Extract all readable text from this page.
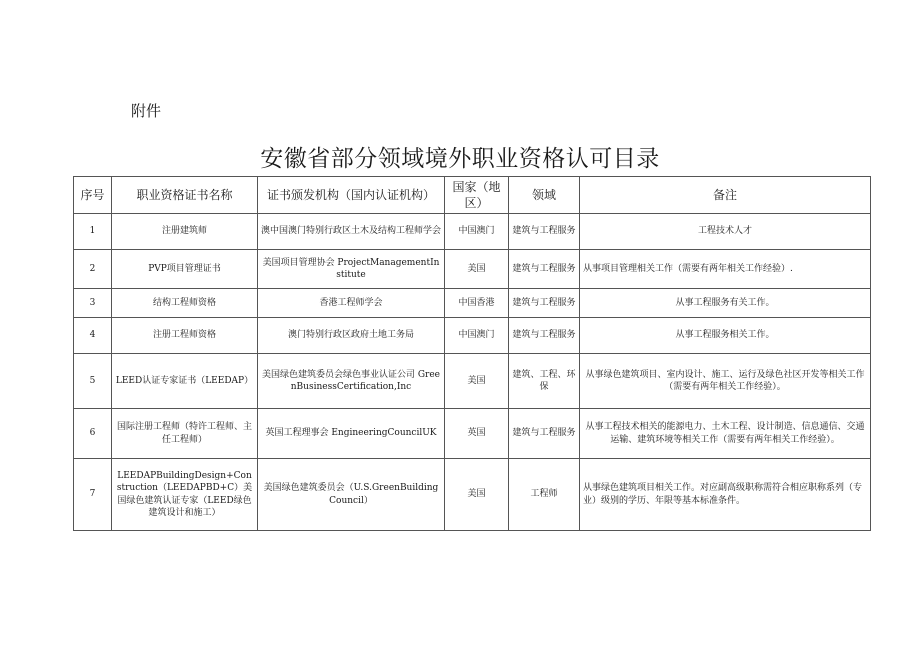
附件
安徽省部分领域境外职业资格认可目录
序号	职业资格证书名称	证书颁发机构（国内认证机构）	国家（地区）	领域	备注
1	注册建筑师	澳中国澳门特别行政区土木及结构工程师学会	中国澳门	建筑与工程服务	工程技术人才
2	PVP项目管理证书	美国项目管理协会 ProjectManagementInstitute	美国	建筑与工程服务	从事项目管理相关工作（需要有两年相关工作经验）.
3	结构工程师资格	香港工程师学会	中国香港	建筑与工程服务	从事工程服务有关工作。
4	注册工程师资格	澳门特别行政区政府土地工务局	中国澳门	建筑与工程服务	从事工程服务相关工作。
5	LEED认证专家证书（LEEDAP）	美国绿色建筑委员会绿色事业认证公司 GreenBusinessCertification,Inc	美国	建筑、工程、环保	从事绿色建筑项目、室内设计、施工、运行及绿色社区开发等相关工作（需要有两年相关工作经验）。
6	国际注册工程师（特许工程师、主任工程师）	英国工程理事会 EngineeringCouncilUK	英国	建筑与工程服务	从事工程技术相关的能源电力、土木工程、设计制造、信息通信、交通运输、建筑环境等相关工作（需要有两年相关工作经验）。
7	LEEDAPBuildingDesign+Construction（LEEDAPBD+C）美国绿色建筑认证专家（LEED绿色建筑设计和施工）	美国绿色建筑委员会（U.S.GreenBuildingCouncil）	美国	工程师	从事绿色建筑项目相关工作。对应副高级职称需符合相应职称系列（专业）级别的学历、年限等基本标准条件。
